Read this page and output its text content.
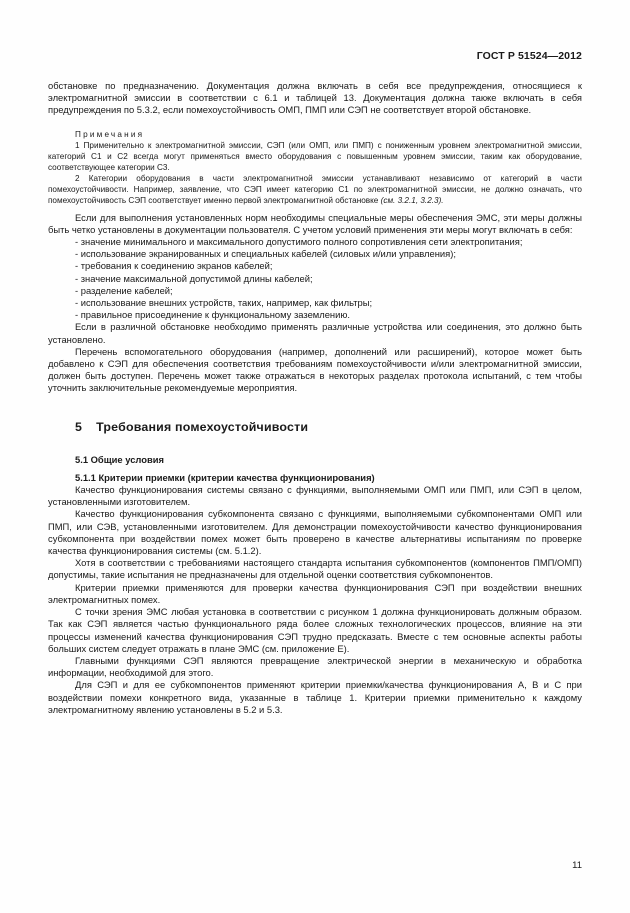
ГОСТ Р 51524—2012

обстановке по предназначению. Документация должна включать в себя все предупреждения, относящиеся к электромагнитной эмиссии в соответствии с 6.1 и таблицей 13. Документация должна также включать в себя предупреждения по 5.3.2, если помехоустойчивость ОМП, ПМП или СЭП не соответствует второй обстановке.

Примечания

1 Применительно к электромагнитной эмиссии, СЭП (или ОМП, или ПМП) с пониженным уровнем электромагнитной эмиссии, категорий C1 и C2 всегда могут применяться вместо оборудования с повышенным уровнем эмиссии, таким как оборудование, соответствующее категории C3.

2 Категории оборудования в части электромагнитной эмиссии устанавливают независимо от категорий в части помехоустойчивости. Например, заявление, что СЭП имеет категорию C1 по электромагнитной эмиссии, не должно означать, что помехоустойчивость СЭП соответствует именно первой электромагнитной обстановке (см. 3.2.1, 3.2.3).

Если для выполнения установленных норм необходимы специальные меры обеспечения ЭМС, эти меры должны быть четко установлены в документации пользователя. С учетом условий применения эти меры могут включать в себя:

- значение минимального и максимального допустимого полного сопротивления сети электропитания;

- использование экранированных и специальных кабелей (силовых и/или управления);

- требования к соединению экранов кабелей;

- значение максимальной допустимой длины кабелей;

- разделение кабелей;

- использование внешних устройств, таких, например, как фильтры;

- правильное присоединение к функциональному заземлению.

Если в различной обстановке необходимо применять различные устройства или соединения, это должно быть установлено.

Перечень вспомогательного оборудования (например, дополнений или расширений), которое может быть добавлено к СЭП для обеспечения соответствия требованиям помехоустойчивости и/или электромагнитной эмиссии, должен быть доступен. Перечень может также отражаться в некоторых разделах протокола испытаний, с тем чтобы уточнить заключительные рекомендуемые мероприятия.

5 Требования помехоустойчивости

5.1 Общие условия

5.1.1 Критерии приемки (критерии качества функционирования)

Качество функционирования системы связано с функциями, выполняемыми ОМП или ПМП, или СЭП в целом, установленными изготовителем.

Качество функционирования субкомпонента связано с функциями, выполняемыми субкомпонентами ОМП или ПМП, или СЭВ, установленными изготовителем. Для демонстрации помехоустойчивости качество функционирования субкомпонента при воздействии помех может быть проверено в качестве альтернативы испытаниям по проверке качества функционирования системы (см. 5.1.2).

Хотя в соответствии с требованиями настоящего стандарта испытания субкомпонентов (компонентов ПМП/ОМП) допустимы, такие испытания не предназначены для отдельной оценки соответствия субкомпонентов.

Критерии приемки применяются для проверки качества функционирования СЭП при воздействии внешних электромагнитных помех.

С точки зрения ЭМС любая установка в соответствии с рисунком 1 должна функционировать должным образом. Так как СЭП является частью функционального ряда более сложных технологических процессов, влияние на эти процессы изменений качества функционирования СЭП трудно предсказать. Вместе с тем основные аспекты работы больших систем следует отражать в плане ЭМС (см. приложение Е).

Главными функциями СЭП являются превращение электрической энергии в механическую и обработка информации, необходимой для этого.

Для СЭП и для ее субкомпонентов применяют критерии приемки/качества функционирования А, В и С при воздействии помехи конкретного вида, указанные в таблице 1. Критерии приемки применительно к каждому электромагнитному явлению установлены в 5.2 и 5.3.

11
